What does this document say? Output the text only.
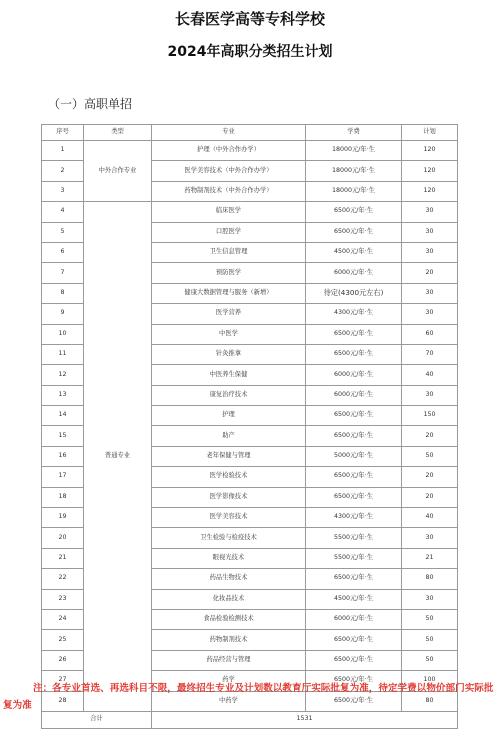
长春医学高等专科学校
2024年高职分类招生计划
（一）高职单招
序号	类型	专业	学费	计划
1	中外合作专业	护理（中外合作办学）	18000元/年·生	120
2		医学美容技术（中外合作办学）	18000元/年·生	120
3		药物制剂技术（中外合作办学）	18000元/年·生	120
4	普通专业	临床医学	6500元/年·生	30
5		口腔医学	6500元/年·生	30
6		卫生信息管理	4500元/年·生	30
7		预防医学	6000元/年·生	20
8		健康大数据管理与服务（新增）	待定(4300元左右)	30
9		医学营养	4300元/年·生	30
10		中医学	6500元/年·生	60
11		针灸推拿	6500元/年·生	70
12		中医养生保健	6000元/年·生	40
13		康复治疗技术	6000元/年·生	30
14		护理	6500元/年·生	150
15		助产	6500元/年·生	20
16		老年保健与管理	5000元/年·生	50
17		医学检验技术	6500元/年·生	20
18		医学影像技术	6500元/年·生	20
19		医学美容技术	4300元/年·生	40
20		卫生检验与检疫技术	5500元/年·生	30
21		眼视光技术	5500元/年·生	21
22		药品生物技术	6500元/年·生	80
23		化妆品技术	4500元/年·生	30
24		食品检验检测技术	6000元/年·生	50
25		药物制剂技术	6500元/年·生	50
26		药品经营与管理	6500元/年·生	50
27		药学	6500元/年·生	100
28		中药学	6500元/年·生	80
合计		1531		
注：各专业首选、再选科目不限，最终招生专业及计划数以教育厅实际批复为准，待定学费以物价部门实际批复为准
